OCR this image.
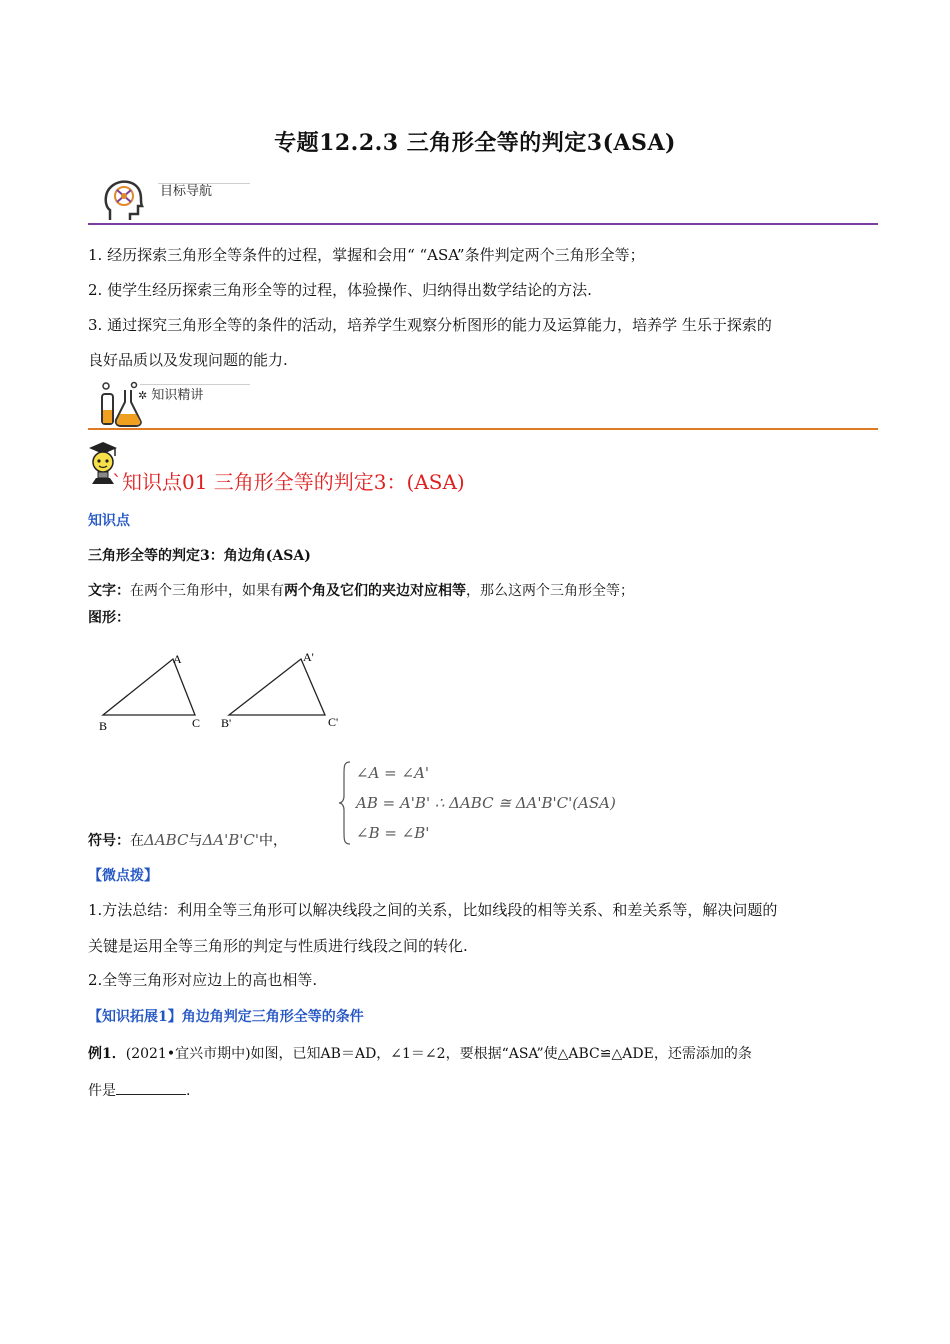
专题12.2.3 三角形全等的判定3(ASA)
目标导航
1. 经历探索三角形全等条件的过程，掌握和会用“ “ASA”条件判定两个三角形全等；
2. 使学生经历探索三角形全等的过程，体验操作、归纳得出数学结论的方法.
3. 通过探究三角形全等的条件的活动，培养学生观察分析图形的能力及运算能力，培养学 生乐于探索的
良好品质以及发现问题的能力.
✲ 知识精讲
`知识点01 三角形全等的判定3：(ASA)
知识点
三角形全等的判定3：角边角(ASA)
文字：在两个三角形中，如果有两个角及它们的夹边对应相等，那么这两个三角形全等；
图形：
A
B	C
A'
B'	C'
符号：在ΔABC与ΔA'B'C'中，
∠A = ∠A'
AB = A'B' ∴ ΔABC ≅ ΔA'B'C'(ASA)
∠B = ∠B'
【微点拨】
1.方法总结：利用全等三角形可以解决线段之间的关系，比如线段的相等关系、和差关系等，解决问题的
关键是运用全等三角形的判定与性质进行线段之间的转化.
2.全等三角形对应边上的高也相等.
【知识拓展1】角边角判定三角形全等的条件
例1．(2021•宜兴市期中)如图，已知AB＝AD，∠1＝∠2，要根据“ASA”使△ABC≌△ADE，还需添加的条
件是	.
